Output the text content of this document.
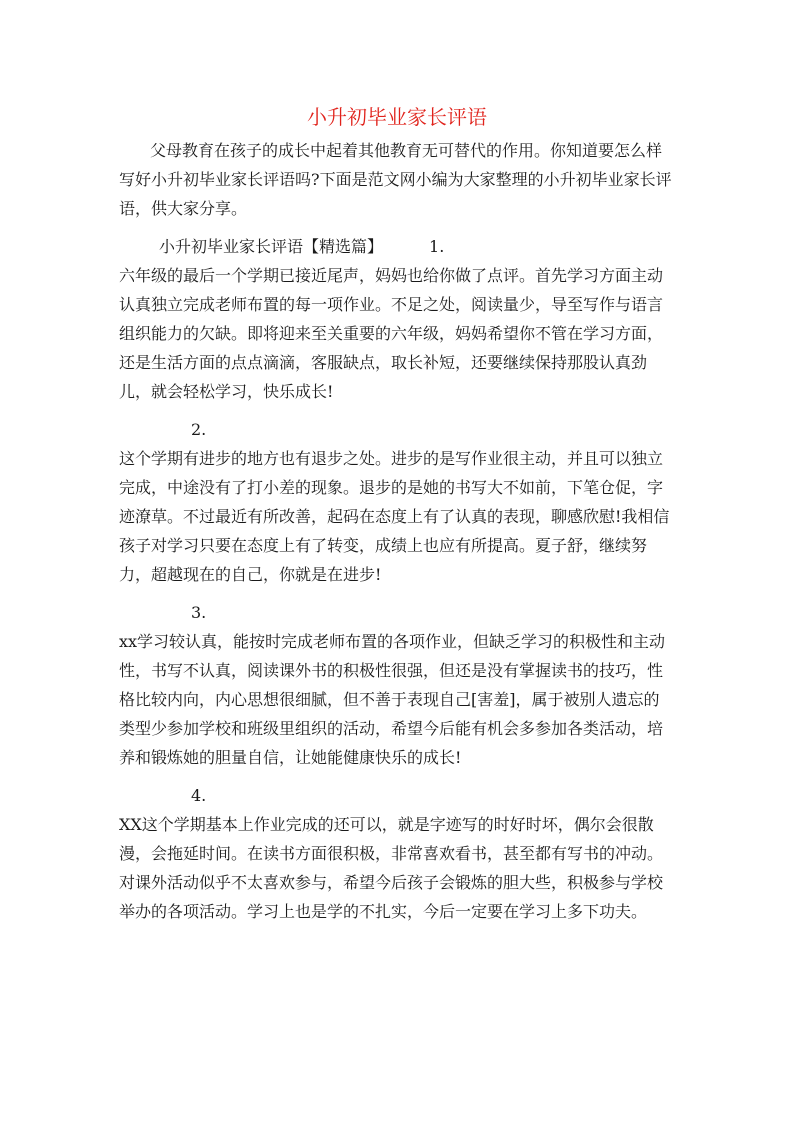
小升初毕业家长评语

父母教育在孩子的成长中起着其他教育无可替代的作用。你知道要怎么样写好小升初毕业家长评语吗?下面是范文网小编为大家整理的小升初毕业家长评语，供大家分享。

小升初毕业家长评语【精选篇】	1.

六年级的最后一个学期已接近尾声，妈妈也给你做了点评。首先学习方面主动认真独立完成老师布置的每一项作业。不足之处，阅读量少，导至写作与语言组织能力的欠缺。即将迎来至关重要的六年级，妈妈希望你不管在学习方面，还是生活方面的点点滴滴，客服缺点，取长补短，还要继续保持那股认真劲儿，就会轻松学习，快乐成长!

2.

这个学期有进步的地方也有退步之处。进步的是写作业很主动，并且可以独立完成，中途没有了打小差的现象。退步的是她的书写大不如前，下笔仓促，字迹潦草。不过最近有所改善，起码在态度上有了认真的表现，聊感欣慰!我相信孩子对学习只要在态度上有了转变，成绩上也应有所提高。夏子舒，继续努力，超越现在的自己，你就是在进步!

3.

xx学习较认真，能按时完成老师布置的各项作业，但缺乏学习的积极性和主动性，书写不认真，阅读课外书的积极性很强，但还是没有掌握读书的技巧，性格比较内向，内心思想很细腻，但不善于表现自己[害羞]，属于被别人遗忘的类型少参加学校和班级里组织的活动，希望今后能有机会多参加各类活动，培养和锻炼她的胆量自信，让她能健康快乐的成长!

4.

XX这个学期基本上作业完成的还可以，就是字迹写的时好时坏，偶尔会很散漫，会拖延时间。在读书方面很积极，非常喜欢看书，甚至都有写书的冲动。对课外活动似乎不太喜欢参与，希望今后孩子会锻炼的胆大些，积极参与学校举办的各项活动。学习上也是学的不扎实，今后一定要在学习上多下功夫。
